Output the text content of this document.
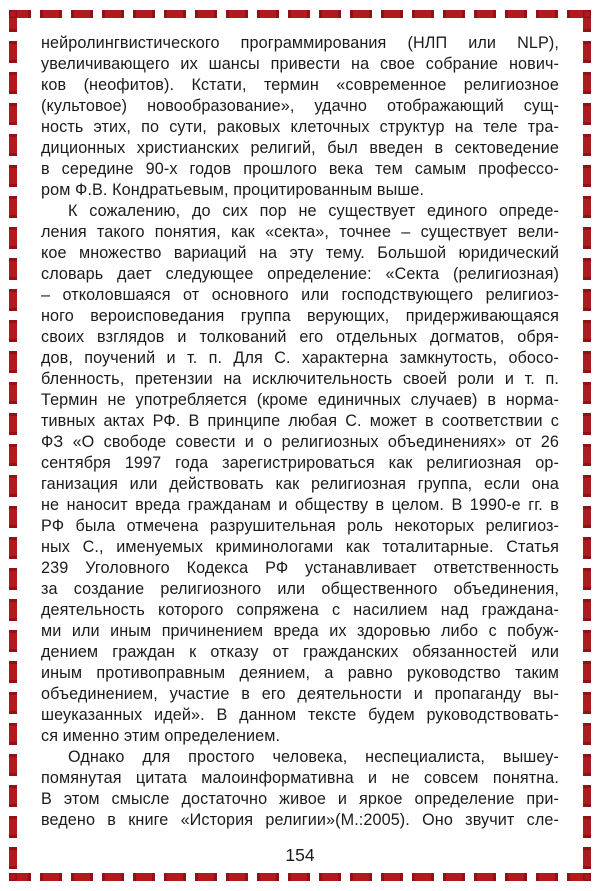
нейролингвистического программирования (НЛП или NLP),
увеличивающего их шансы привести на свое собрание нович-
ков (неофитов). Кстати, термин «современное религиозное
(культовое) новообразование», удачно отображающий сущ-
ность этих, по сути, раковых клеточных структур на теле тра-
диционных христианских религий, был введен в сектоведение
в середине 90-х годов прошлого века тем самым профессо-
ром Ф.В. Кондратьевым, процитированным выше.
К сожалению, до сих пор не существует единого опреде-
ления такого понятия, как «секта», точнее – существует вели-
кое множество вариаций на эту тему. Большой юридический
словарь дает следующее определение: «Секта (религиозная)
– отколовшаяся от основного или господствующего религиоз-
ного вероисповедания группа верующих, придерживающаяся
своих взглядов и толкований его отдельных догматов, обря-
дов, поучений и т. п. Для С. характерна замкнутость, обосо-
бленность, претензии на исключительность своей роли и т. п.
Термин не употребляется (кроме единичных случаев) в норма-
тивных актах РФ. В принципе любая С. может в соответствии с
ФЗ «О свободе совести и о религиозных объединениях» от 26
сентября 1997 года зарегистрироваться как религиозная ор-
ганизация или действовать как религиозная группа, если она
не наносит вреда гражданам и обществу в целом. В 1990-е гг. в
РФ была отмечена разрушительная роль некоторых религиоз-
ных С., именуемых криминологами как тоталитарные. Статья
239 Уголовного Кодекса РФ устанавливает ответственность
за создание религиозного или общественного объединения,
деятельность которого сопряжена с насилием над граждана-
ми или иным причинением вреда их здоровью либо с побуж-
дением граждан к отказу от гражданских обязанностей или
иным противоправным деянием, а равно руководство таким
объединением, участие в его деятельности и пропаганду вы-
шеуказанных идей». В данном тексте будем руководствовать-
ся именно этим определением.
Однако для простого человека, неспециалиста, вышеу-
помянутая цитата малоинформативна и не совсем понятна.
В этом смысле достаточно живое и яркое определение при-
ведено в книге «История религии»(М.:2005). Оно звучит сле-
154
